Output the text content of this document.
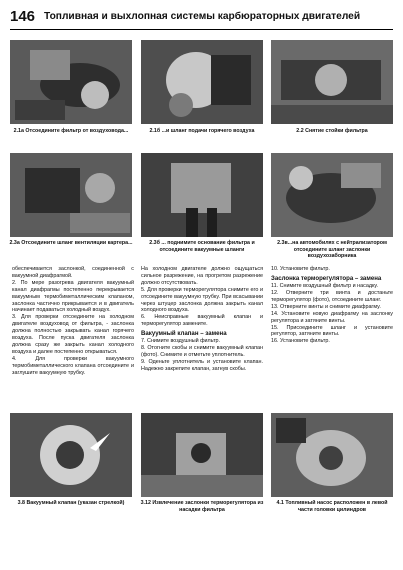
146 Топливная и выхлопная системы карбюраторных двигателей
2.1а Отсоедините фильтр от воздуховода...	2.1б ...и шланг подачи горячего воздуха	2.2 Снятие стойки фильтра
2.3а Отсоедините шланг вентиляции картера...	2.3б ... поднимите основание фильтра и отсоедините вакуумные шланги
2.3в...на автомобилях с нейтрализатором отсоедините шланг заслонки воздухозаборника

обеспечивается заслонкой, соединенной с вакуумной диафрагмой.

2. По мере разогрева двигателя вакуумный канал диафрагмы постепенно перекрывается вакуумным термобиметаллическим клапаном, заслонка частично прикрывается и в двигатель начинает подаваться холодный воздух.

3. Для проверки отсоедините на холодном двигателе воздуховод от фильтра, - заслонка должна полностью закрывать канал горячего воздуха. После пуска двигателя заслонка должна сразу же закрыть канал холодного воздуха и далее постепенно открываться.

4. Для проверки вакуумного термобиметаллического клапана отсоедините и заглушите вакуумную трубку.

На холодном двигателе должно ощущаться сильное разрежение, на прогретом разрежение должно отсутствовать.

5. Для проверки терморегулятора снимите его и отсоедините вакуумную трубку. При всасывании через штуцер заслонка должна закрыть канал холодного воздуха.

6. Неисправные вакуумный клапан и терморегулятор замените.

Вакуумный клапан – замена

7. Снимите воздушный фильтр.

8. Отогните скобы и снимите вакуумный клапан (фото). Снимите и отметьте уплотнитель.

9. Оденьте уплотнитель и установите клапан. Надежно закрепите клапан, загнув скобы.

10. Установите фильтр.

Заслонка терморегулятора – замена

11. Снимите воздушный фильтр и насадку.

12. Отверните три винта и достаньте терморегулятор (фото), отсоедините шланг.

13. Отверните винты и снимите диафрагму.

14. Установите новую диафрагму на заслонку регулятора и затяните винты.

15. Присоедините шланг и установите регулятор, затяните винты.

16. Установите фильтр.

3.8 Вакуумный клапан (указан стрелкой)	3.12 Извлечение заслонки терморегулятора из насадки фильтра
4.1 Топливный насос расположен в левой части головки цилиндров
